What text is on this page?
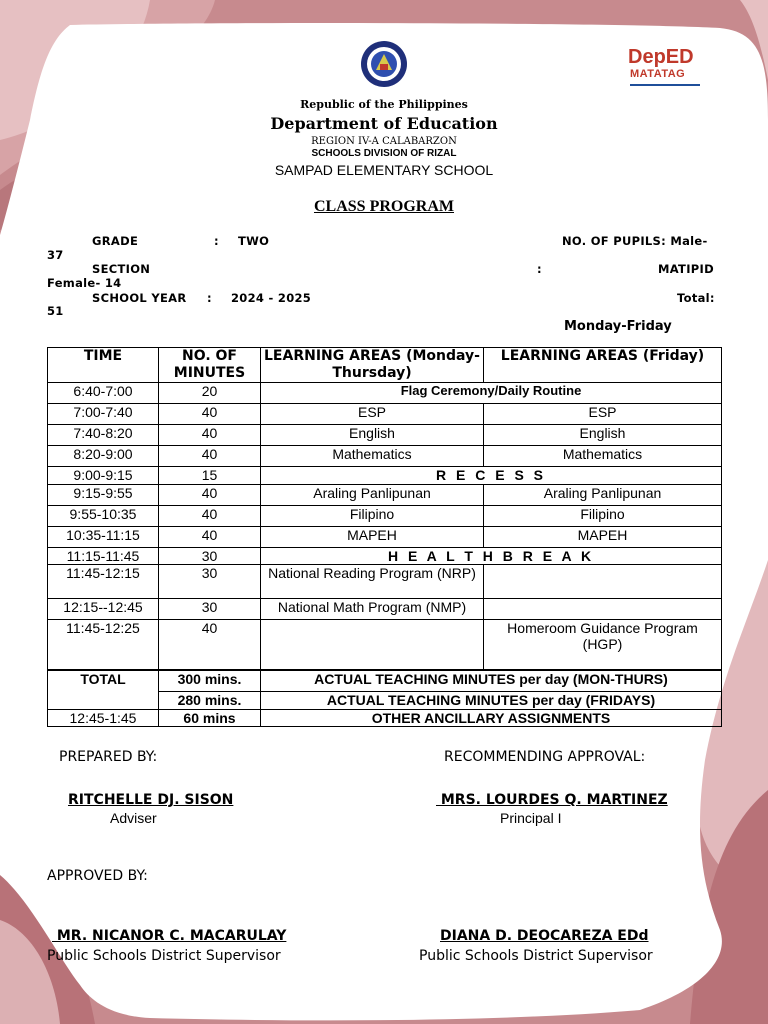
DepED
MATATAG
Republic of the Philippines
Department of Education
REGION IV-A CALABARZON
SCHOOLS DIVISION OF RIZAL
SAMPAD ELEMENTARY SCHOOL
CLASS PROGRAM
GRADE	: TWO	NO. OF PUPILS: Male-
37
SECTION	:	MATIPID
Female- 14
SCHOOL YEAR : 2024 - 2025	Total:
51
Monday-Friday
TIME	NO. OF MINUTES	LEARNING AREAS (Monday-Thursday)	LEARNING AREAS (Friday)
6:40-7:00	20	Flag Ceremony/Daily Routine	
7:00-7:40	40	ESP	ESP
7:40-8:20	40	English	English
8:20-9:00	40	Mathematics	Mathematics
9:00-9:15	15	R E C E S S	
9:15-9:55	40	Araling Panlipunan	Araling Panlipunan
9:55-10:35	40	Filipino	Filipino
10:35-11:15	40	MAPEH	MAPEH
11:15-11:45	30	H E A L T H B R E A K	
11:45-12:15	30	National Reading Program (NRP)	
12:15--12:45	30	National Math Program (NMP)	
11:45-12:25	40		Homeroom Guidance Program (HGP)
TOTAL	300 mins.	ACTUAL TEACHING MINUTES per day (MON-THURS)	
	280 mins.	ACTUAL TEACHING MINUTES per day (FRIDAYS)	
12:45-1:45	60 mins	OTHER ANCILLARY ASSIGNMENTS	
PREPARED BY:	RECOMMENDING APPROVAL:
RITCHELLE DJ. SISON
Adviser
MRS. LOURDES Q. MARTINEZ
Principal I
APPROVED BY:
MR. NICANOR C. MACARULAY
Public Schools District Supervisor
DIANA D. DEOCAREZA EDd
Public Schools District Supervisor
